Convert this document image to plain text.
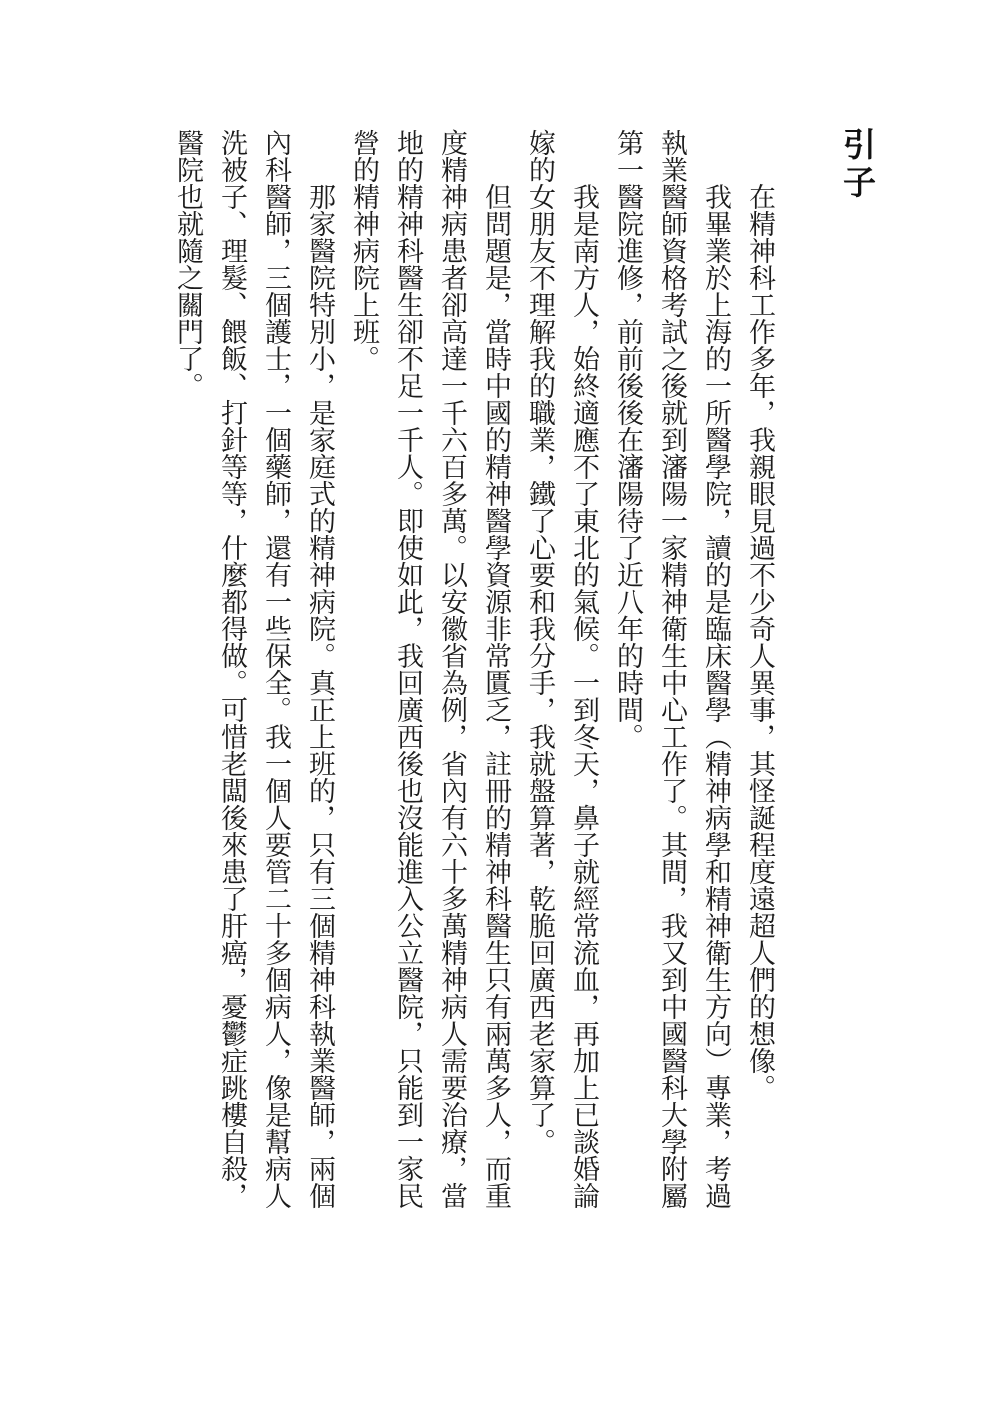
引子

在精神科工作多年，我親眼見過不少奇人異事，其怪誕程度遠超人們的想像。

我畢業於上海的一所醫學院，讀的是臨床醫學（精神病學和精神衛生方向）專業，考過執業醫師資格考試之後就到瀋陽一家精神衛生中心工作了。其間，我又到中國醫科大學附屬第一醫院進修，前前後後在瀋陽待了近八年的時間。

我是南方人，始終適應不了東北的氣候。一到冬天，鼻子就經常流血，再加上已談婚論嫁的女朋友不理解我的職業，鐵了心要和我分手，我就盤算著，乾脆回廣西老家算了。

但問題是，當時中國的精神醫學資源非常匱乏，註冊的精神科醫生只有兩萬多人，而重度精神病患者卻高達一千六百多萬。以安徽省為例，省內有六十多萬精神病人需要治療，當地的精神科醫生卻不足一千人。即使如此，我回廣西後也沒能進入公立醫院，只能到一家民營的精神病院上班。

那家醫院特別小，是家庭式的精神病院。真正上班的，只有三個精神科執業醫師，兩個內科醫師，三個護士，一個藥師，還有一些保全。我一個人要管二十多個病人，像是幫病人洗被子、理髮、餵飯、打針等等，什麼都得做。可惜老闆後來患了肝癌，憂鬱症跳樓自殺，醫院也就隨之關門了。
